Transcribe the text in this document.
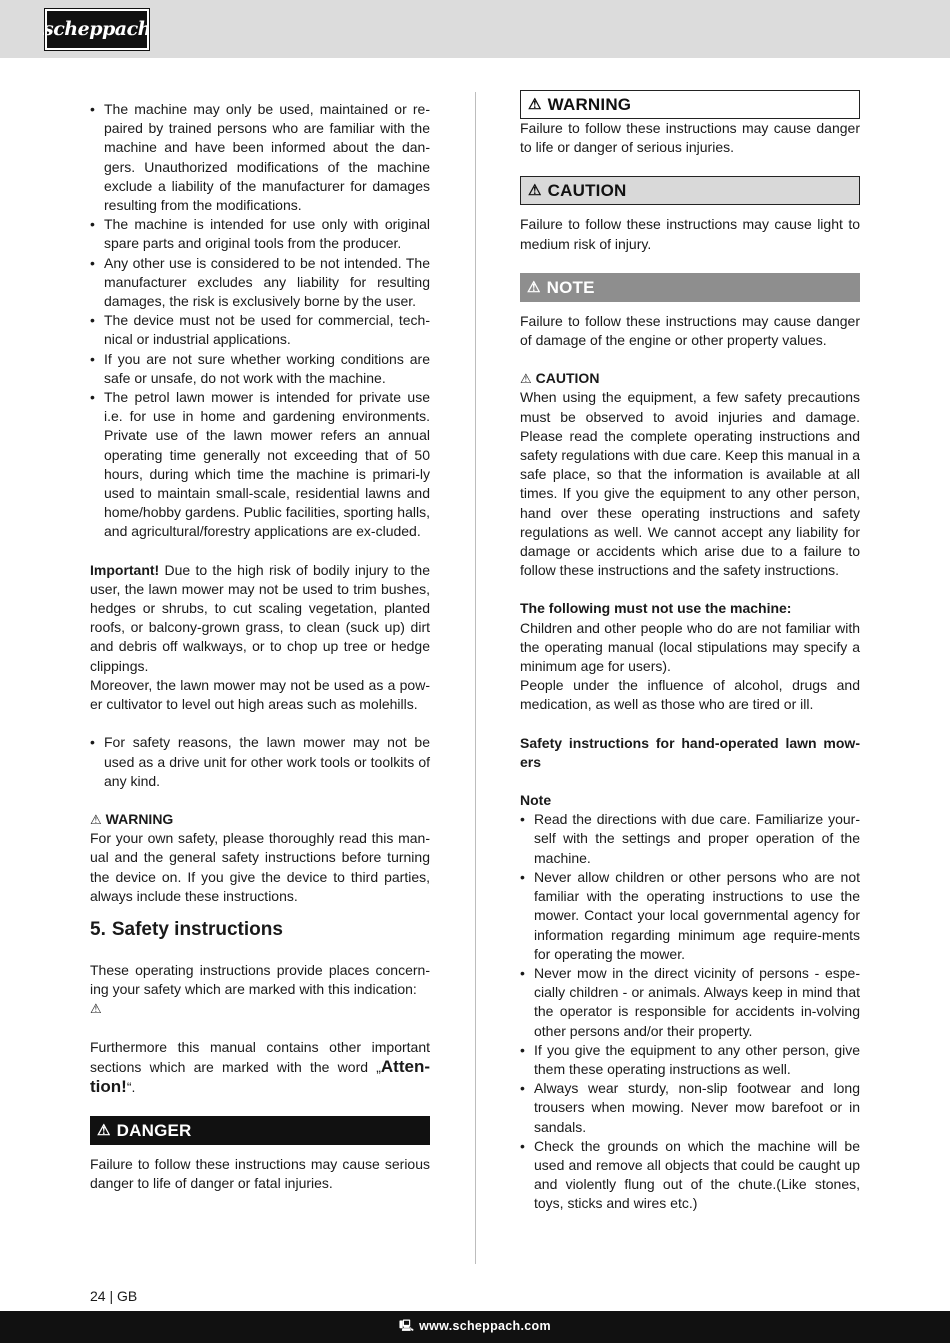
scheppach
• The machine may only be used, maintained or re-paired by trained persons who are familiar with the machine and have been informed about the dan-gers. Unauthorized modifications of the machine exclude a liability of the manufacturer for damages resulting from the modifications.
• The machine is intended for use only with original spare parts and original tools from the producer.
• Any other use is considered to be not intended. The manufacturer excludes any liability for resulting damages, the risk is exclusively borne by the user.
• The device must not be used for commercial, tech-nical or industrial applications.
• If you are not sure whether working conditions are safe or unsafe, do not work with the machine.
• The petrol lawn mower is intended for private use i.e. for use in home and gardening environments. Private use of the lawn mower refers an annual operating time generally not exceeding that of 50 hours, during which time the machine is primari-ly used to maintain small-scale, residential lawns and home/hobby gardens. Public facilities, sporting halls, and agricultural/forestry applications are ex-cluded.

Important! Due to the high risk of bodily injury to the user, the lawn mower may not be used to trim bushes, hedges or shrubs, to cut scaling vegetation, planted roofs, or balcony-grown grass, to clean (suck up) dirt and debris off walkways, or to chop up tree or hedge clippings.

Moreover, the lawn mower may not be used as a pow-er cultivator to level out high areas such as molehills.

• For safety reasons, the lawn mower may not be used as a drive unit for other work tools or toolkits of any kind.

⚠ WARNING

For your own safety, please thoroughly read this man-ual and the general safety instructions before turning the device on. If you give the device to third parties, always include these instructions.

5. Safety instructions

These operating instructions provide places concern-ing your safety which are marked with this indication:

⚠

Furthermore this manual contains other important sections which are marked with the word „Atten-tion!“.

⚠ DANGER

Failure to follow these instructions may cause serious danger to life of danger or fatal injuries.

⚠ WARNING

Failure to follow these instructions may cause danger to life or danger of serious injuries.

⚠ CAUTION

Failure to follow these instructions may cause light to medium risk of injury.

⚠ NOTE

Failure to follow these instructions may cause danger of damage of the engine or other property values.

⚠ CAUTION

When using the equipment, a few safety precautions must be observed to avoid injuries and damage. Please read the complete operating instructions and safety regulations with due care. Keep this manual in a safe place, so that the information is available at all times. If you give the equipment to any other person, hand over these operating instructions and safety regulations as well. We cannot accept any liability for damage or accidents which arise due to a failure to follow these instructions and the safety instructions.

The following must not use the machine:

Children and other people who do are not familiar with the operating manual (local stipulations may specify a minimum age for users).

People under the influence of alcohol, drugs and medication, as well as those who are tired or ill.

Safety instructions for hand-operated lawn mow-ers

Note

• Read the directions with due care. Familiarize your-self with the settings and proper operation of the machine.
• Never allow children or other persons who are not familiar with the operating instructions to use the mower. Contact your local governmental agency for information regarding minimum age require-ments for operating the mower.
• Never mow in the direct vicinity of persons - espe-cially children - or animals. Always keep in mind that the operator is responsible for accidents in-volving other persons and/or their property.
• If you give the equipment to any other person, give them these operating instructions as well.
• Always wear sturdy, non-slip footwear and long trousers when mowing. Never mow barefoot or in sandals.
• Check the grounds on which the machine will be used and remove all objects that could be caught up and violently flung out of the chute.(Like stones, toys, sticks and wires etc.)
24 | GB
🖳 www.scheppach.com
